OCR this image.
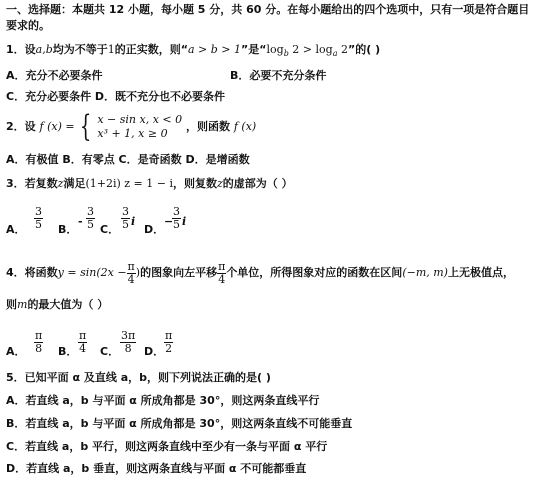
一、选择题：本题共 12 小题，每小题 5 分，共 60 分。在每小题给出的四个选项中，只有一项是符合题目
要求的。
1．设a,b均为不等于1的正实数，则“a > b > 1”是“$\log_b$ $2 > \log_a 2$”的( )
A．充分不必要条件	B．必要不充分条件
C．充分必要条件 D．既不充分也不必要条件
2．设 f (x) = { x − sin x, x < 0
x³ + 1, x ≥ 0
，则函数 f (x)
A．有极值 B．有零点 C．是奇函数 D．是增函数
3．若复数z满足(1+2i) z = 1 − i，则复数z的虚部为（ ）
A． $\frac{3}{5}$ B．
- $\frac{3}{5}$ C． $\frac{3}{5}$ i
D．
−
$\frac{3}{5}$ i
4．将函数$y = \sin(2x - \frac{\pi}{4}$ )的图象向左平移 $\frac{\pi}{4}$ 个单位，所得图象对应的函数在区间(−m, m)上无极值点，
则m的最大值为（ ）
A． $\frac{\pi}{8}$ B． $\frac{\pi}{4}$ C． $\frac{3\pi}{8}$ D． $\frac{\pi}{2}$
5．已知平面 α 及直线 a，b，则下列说法正确的是( )
A．若直线 a，b 与平面 α 所成角都是 30°，则这两条直线平行
B．若直线 a，b 与平面 α 所成角都是 30°，则这两条直线不可能垂直
C．若直线 a，b 平行，则这两条直线中至少有一条与平面 α 平行
D．若直线 a，b 垂直，则这两条直线与平面 α 不可能都垂直
